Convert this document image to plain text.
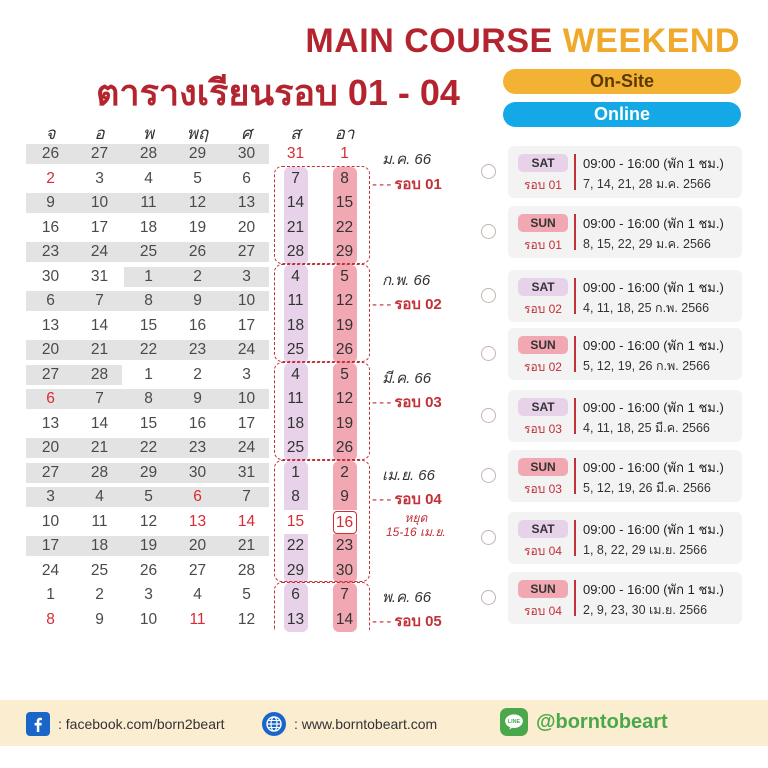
MAIN COURSE WEEKEND
ตารางเรียนรอบ 01 - 04	On-Site
Online
จ	อ	พ	พฤ	ศ	ส	อา
26	27	28	29	30	31	1
2	3	4	5	6	7	8
9	10	11	12	13	14 15
16	17	18	19	20	21 22
23	24	25	26	27	28 29
30	31	1	2	3	4	5
6	7	8	9	10	11 12
13	14	15	16	17	18 19
20	21	22	23	24	25 26
27	28	1	2	3	4	5
6	7	8	9	10	11 12
13	14	15	16	17	18 19
20	21	22	23	24	25 26
27	28	29	30	31	1	2
3	4	5	6	7	8	9
10	11	12	13	14	15 16
17	18	19	20	21	22 23
24	25	26	27	28	29 30
1	2	3	4	5	6	7
8	9	10	11	12	13 14
ม.ค. 66
ก.พ. 66
มี.ค. 66
เม.ย. 66
พ.ค. 66
- - - รอบ 01
- - - รอบ 02
- - - รอบ 03
- - - รอบ 04
- - - รอบ 05
หยุด
15-16 เม.ย.
SAT
รอบ 01
09:00 - 16:00 (พัก 1 ชม.)
7, 14, 21, 28 ม.ค. 2566
SUN
รอบ 01
09:00 - 16:00 (พัก 1 ชม.)
8, 15, 22, 29 ม.ค. 2566
SAT
รอบ 02
09:00 - 16:00 (พัก 1 ชม.)
4, 11, 18, 25 ก.พ. 2566
SUN
รอบ 02
09:00 - 16:00 (พัก 1 ชม.)
5, 12, 19, 26 ก.พ. 2566
SAT
รอบ 03
09:00 - 16:00 (พัก 1 ชม.)
4, 11, 18, 25 มี.ค. 2566
SUN
รอบ 03
09:00 - 16:00 (พัก 1 ชม.)
5, 12, 19, 26 มี.ค. 2566
SAT
รอบ 04
09:00 - 16:00 (พัก 1 ชม.)
1, 8, 22, 29 เม.ย. 2566
SUN
รอบ 04
09:00 - 16:00 (พัก 1 ชม.)
2, 9, 23, 30 เม.ย. 2566
: facebook.com/born2beart	: www.borntobeart.com	LINE @borntobeart
